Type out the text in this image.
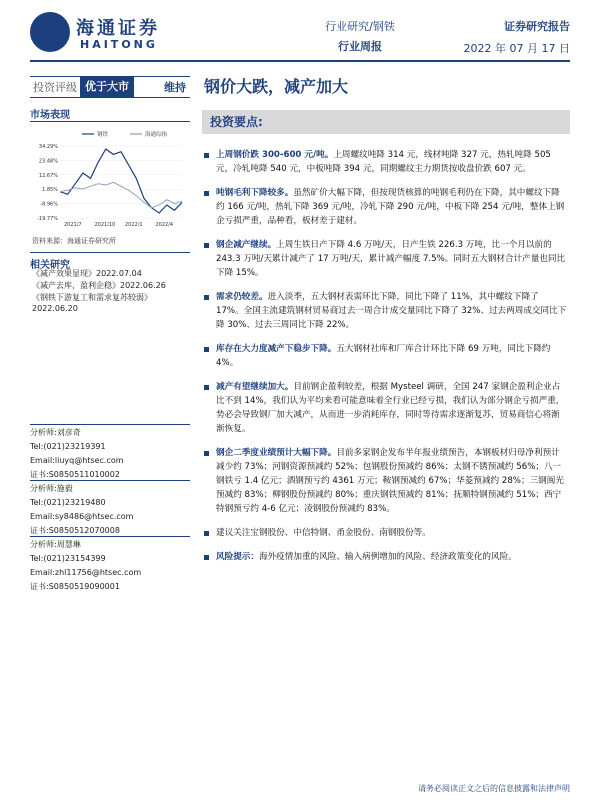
海通证券
HAITONG
行业研究/钢铁
行业周报
证券研究报告
2022 年 07 月 17 日
投资评级 优于大市	维持 钢价大跌，减产加大
市场表现
钢铁	海通综指
34.29%
23.48%
12.67%
1.85%
-8.96%
-19.77%
2021/7	2021/10 2022/1	2022/4
资料来源：海通证券研究所
相关研究
《减产效果显现》2022.07.04
《减产去库，盈利企稳》2022.06.26
《钢铁下游复工和需求复苏较弱》2022.06.20
分析师:刘彦奇
Tel:(021)23219391
Email:liuyq@htsec.com
证书:S0850511010002
分析师:施毅
Tel:(021)23219480
Email:sy8486@htsec.com
证书:S0850512070008
分析师:周慧琳
Tel:(021)23154399
Email:zhl11756@htsec.com
证书:S0850519090001
投资要点:
上周钢价跌 300-600 元/吨。上周螺纹吨降 314 元，线材吨降 327 元，热轧吨降 505 元，冷轧吨降 540 元，中板吨降 394 元，同期螺纹主力期货按收盘价跌 607 元。
吨钢毛利下降较多。虽然矿价大幅下降，但按现货核算的吨钢毛利仍在下降，其中螺纹下降约 166 元/吨，热轧下降 369 元/吨，冷轧下降 290 元/吨，中板下降 254 元/吨，整体上钢企亏损严重，品种看，板材差于建材。
钢企减产继续。上周生铁日产下降 4.6 万吨/天，日产生铁 226.3 万吨，比一个月以前的 243.3 万吨/天累计减产了 17 万吨/天，累计减产幅度 7.5%。同时五大钢材合计产量也同比下降 15%。
需求仍较差。进入淡季，五大钢材表需环比下降，同比下降了 11%，其中螺纹下降了 17%。全国主流建筑钢材贸易商过去一周合计成交量同比下降了 32%、过去两周成交同比下降 30%、过去三周同比下降 22%。
库存在大力度减产下稳步下降。五大钢材社库和厂库合计环比下降 69 万吨，同比下降约 4%。
减产有望继续加大。目前钢企盈利较差，根据 Mysteel 调研，全国 247 家钢企盈利企业占比不到 14%，我们认为平均来看可能意味着全行业已经亏损，我们认为部分钢企亏损严重，势必会导致钢厂加大减产，从而进一步消耗库存，同时等待需求逐渐复苏，贸易商信心将渐渐恢复。
钢企二季度业绩预计大幅下降。目前多家钢企发布半年报业绩预告，本钢板材归母净利预计减少约 73%；河钢资源预减约 52%；包钢股份预减约 86%；太钢不锈预减约 56%；八一钢铁亏 1.4 亿元；酒钢预亏约 4361 万元；鞍钢预减约 67%；华菱预减约 28%；三钢闽光预减约 83%；柳钢股份预减约 80%；重庆钢铁预减约 81%；抚顺特钢预减约 51%；西宁特钢预亏约 4-6 亿元；凌钢股份预减约 83%。
建议关注宝钢股份、中信特钢、甬金股份、南钢股份等。
风险提示：海外疫情加重的风险、输入病例增加的风险、经济政策变化的风险。
请务必阅读正文之后的信息披露和法律声明
